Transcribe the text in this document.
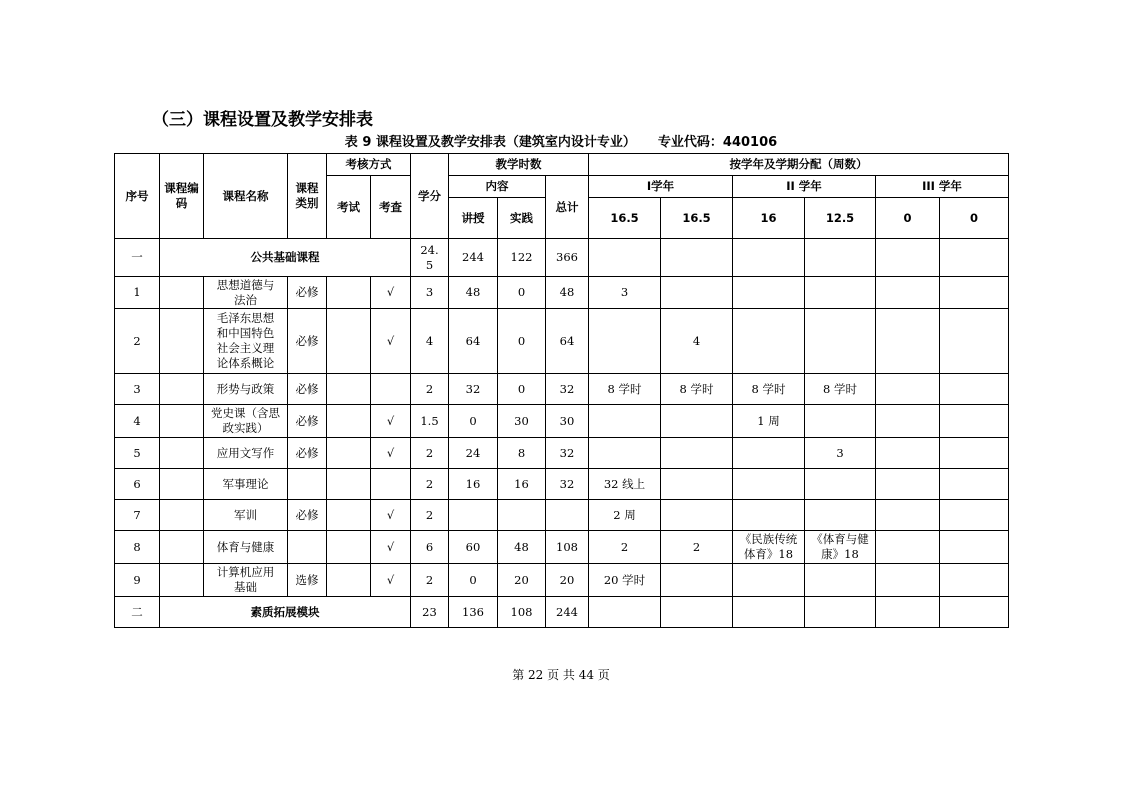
（三）课程设置及教学安排表
表 9 课程设置及教学安排表（建筑室内设计专业） 专业代码：440106
序号	课程编码	课程名称	课程类别	考核方式		学分	教学时数			按学年及学期分配（周数）					
				考试	考查		内容		总计	Ⅰ学年		II 学年		III 学年	
							讲授	实践		16.5	16.5	16	12.5	0	0
一	公共基础课程					24.5	244	122	366						
1		思想道德与法治	必修		√	3	48	0	48	3					
2		毛泽东思想和中国特色社会主义理论体系概论	必修		√	4	64	0	64		4				
3		形势与政策	必修			2	32	0	32	8 学时	8 学时	8 学时	8 学时		
4		党史课（含思政实践）	必修		√	1.5	0	30	30			1 周			
5		应用文写作	必修		√	2	24	8	32				3		
6		军事理论				2	16	16	32	32 线上					
7		军训	必修		√	2				2 周					
8		体育与健康			√	6	60	48	108	2	2	《民族传统体育》18	《体育与健康》18		
9		计算机应用基础	选修		√	2	0	20	20	20 学时					
二	素质拓展模块					23	136	108	244						
第 22 页 共 44 页
